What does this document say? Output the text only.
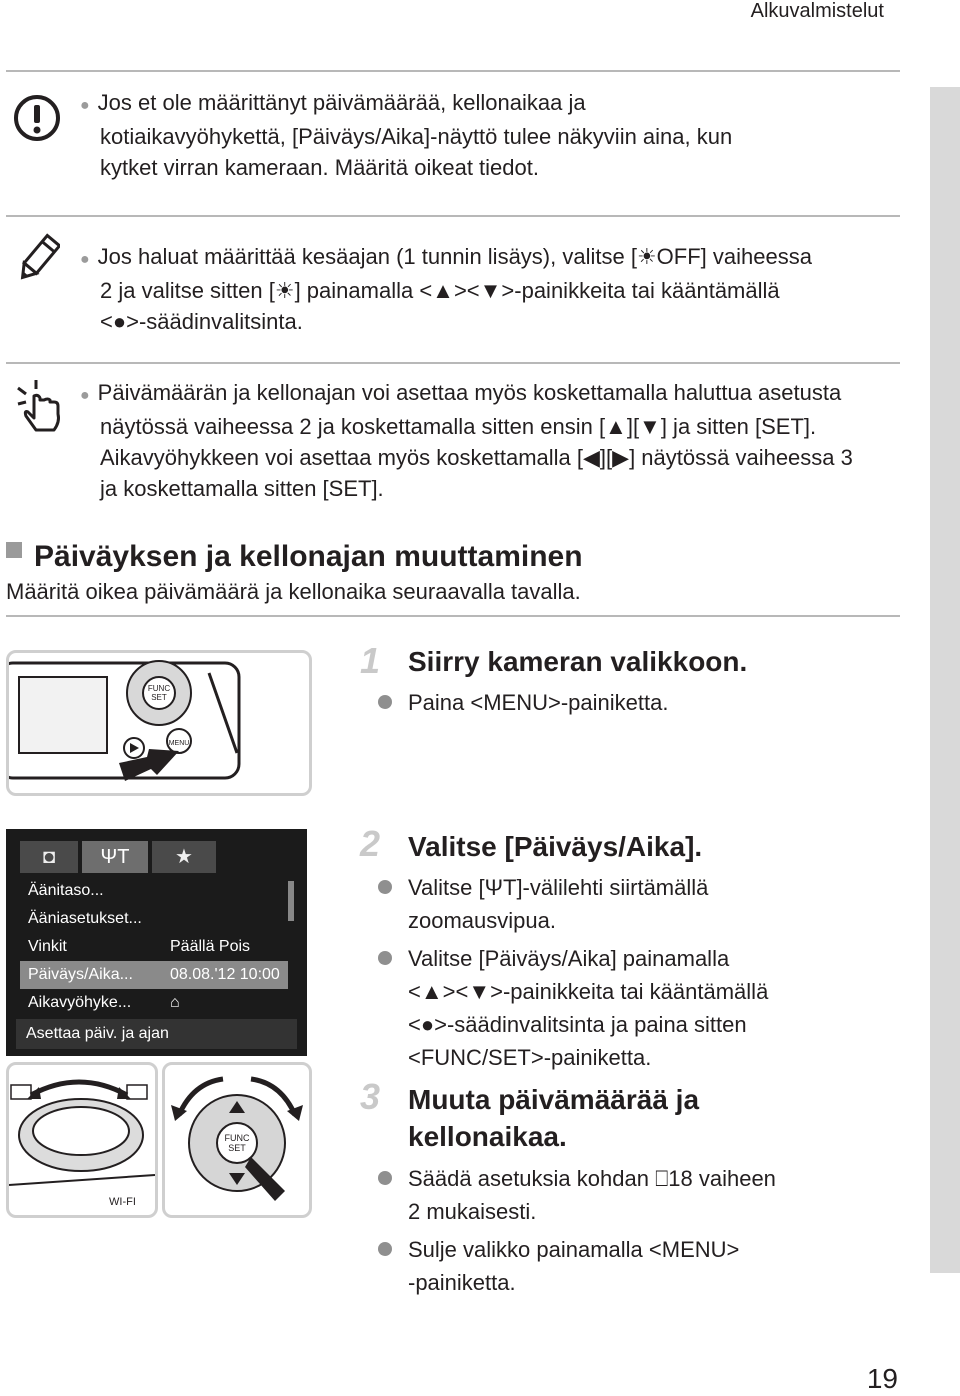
Alkuvalmistelut
● Jos et ole määrittänyt päivämäärää, kellonaikaa ja
kotiaikavyöhykettä, [Päiväys/Aika]-näyttö tulee näkyviin aina, kun
kytket virran kameraan. Määritä oikeat tiedot.
● Jos haluat määrittää kesäajan (1 tunnin lisäys), valitse [☀OFF] vaiheessa
2 ja valitse sitten [☀] painamalla <▲><▼>-painikkeita tai kääntämällä
<●>-säädinvalitsinta.
● Päivämäärän ja kellonajan voi asettaa myös koskettamalla haluttua asetusta
näytössä vaiheessa 2 ja koskettamalla sitten ensin [▲][▼] ja sitten [SET].
Aikavyöhykkeen voi asettaa myös koskettamalla [◀][▶] näytössä vaiheessa 3
ja koskettamalla sitten [SET].
Päiväyksen ja kellonajan muuttaminen
Määritä oikea päivämäärä ja kellonaika seuraavalla tavalla.
FUNC
SET
MENU
1 Siirry kameran valikkoon.
Paina <MENU>-painiketta.
◘	ΨT	★
Äänitaso...
Ääniasetukset...
Vinkit	Päällä Pois
Päiväys/Aika... 08.08.'12 10:00
Aikavyöhyke... ⌂
Asettaa päiv. ja ajan
WI-FI
FUNC
SET
2 Valitse [Päiväys/Aika].
Valitse [ΨT]-välilehti siirtämällä
zoomausvipua.
Valitse [Päiväys/Aika] painamalla
<▲><▼>-painikkeita tai kääntämällä
<●>-säädinvalitsinta ja paina sitten
<FUNC/SET>-painiketta.
3 Muuta päivämäärää ja
kellonaikaa.
Säädä asetuksia kohdan ⎕18 vaiheen
2 mukaisesti.
Sulje valikko painamalla <MENU>
-painiketta.
19
